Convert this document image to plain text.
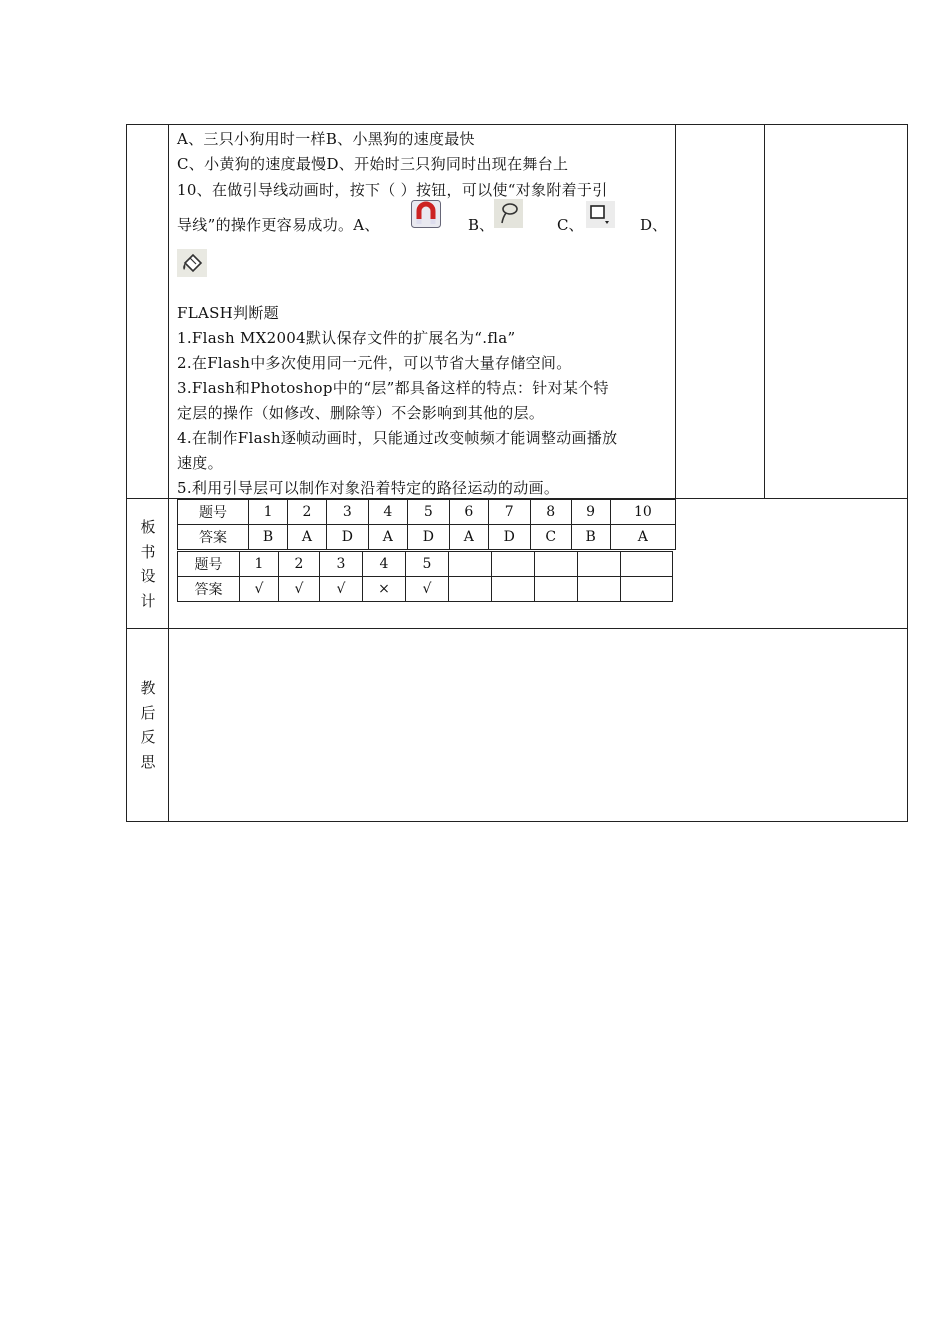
A、三只小狗用时一样B、小黑狗的速度最快
C、小黄狗的速度最慢D、开始时三只狗同时出现在舞台上
10、在做引导线动画时，按下（ ）按钮，可以使“对象附着于引
导线”的操作更容易成功。A、	B、	C、	D、
FLASH判断题
1.Flash MX2004默认保存文件的扩展名为“.fla”
2.在Flash中多次使用同一元件，可以节省大量存储空间。
3.Flash和Photoshop中的“层”都具备这样的特点：针对某个特
定层的操作（如修改、删除等）不会影响到其他的层。
4.在制作Flash逐帧动画时，只能通过改变帧频才能调整动画播放
速度。
5.利用引导层可以制作对象沿着特定的路径运动的动画。
板
书
设
计
教
后
反
思
题号	1	2	3	4	5	6	7	8	9	10
答案	B	A	D	A	D	A	D	C	B	A
题号	1	2	3	4	5					
答案	√	√	√	×	√					
